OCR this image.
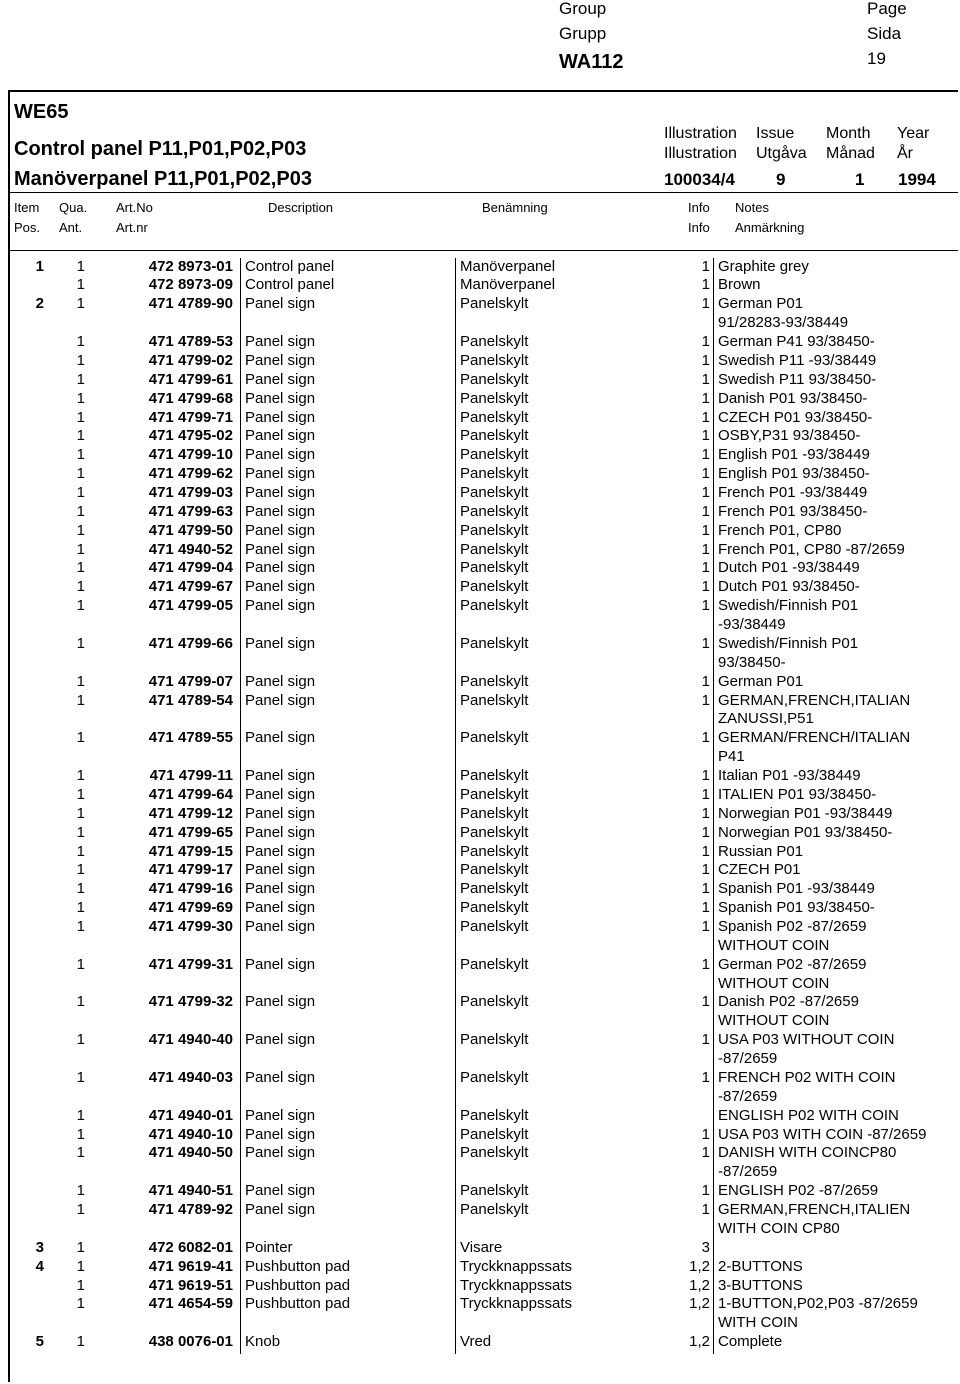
Group
Grupp
WA112
Page
Sida
19
WE65
Control panel P11,P01,P02,P03
Manöverpanel P11,P01,P02,P03
Illustration
Illustration
Issue
Utgåva
Month
Månad
Year
År
100034/4 9	1 1994
Item Qua. Art.No	Description	Benämning	Info Notes
Pos. Ant.	Art.nr	Info Anmärkning
1	1	472 8973-01 Control panel	Manöverpanel	1 Graphite grey
1	472 8973-09 Control panel	Manöverpanel	1 Brown
2	1	471 4789-90 Panel sign	Panelskylt	1 German P01
91/28283-93/38449
1	471 4789-53 Panel sign	Panelskylt	1 German P41 93/38450-
1	471 4799-02 Panel sign	Panelskylt	1 Swedish P11 -93/38449
1	471 4799-61 Panel sign	Panelskylt	1 Swedish P11 93/38450-
1	471 4799-68 Panel sign	Panelskylt	1 Danish P01 93/38450-
1	471 4799-71 Panel sign	Panelskylt	1 CZECH P01 93/38450-
1	471 4795-02 Panel sign	Panelskylt	1 OSBY,P31 93/38450-
1	471 4799-10 Panel sign	Panelskylt	1 English P01 -93/38449
1	471 4799-62 Panel sign	Panelskylt	1 English P01 93/38450-
1	471 4799-03 Panel sign	Panelskylt	1 French P01 -93/38449
1	471 4799-63 Panel sign	Panelskylt	1 French P01 93/38450-
1	471 4799-50 Panel sign	Panelskylt	1 French P01, CP80
1	471 4940-52 Panel sign	Panelskylt	1 French P01, CP80 -87/2659
1	471 4799-04 Panel sign	Panelskylt	1 Dutch P01 -93/38449
1	471 4799-67 Panel sign	Panelskylt	1 Dutch P01 93/38450-
1	471 4799-05 Panel sign	Panelskylt	1 Swedish/Finnish P01
-93/38449
1	471 4799-66 Panel sign	Panelskylt	1 Swedish/Finnish P01
93/38450-
1	471 4799-07 Panel sign	Panelskylt	1 German P01
1	471 4789-54 Panel sign	Panelskylt	1 GERMAN,FRENCH,ITALIAN
ZANUSSI,P51
1	471 4789-55 Panel sign	Panelskylt	1 GERMAN/FRENCH/ITALIAN
P41
1	471 4799-11 Panel sign	Panelskylt	1 Italian P01 -93/38449
1	471 4799-64 Panel sign	Panelskylt	1 ITALIEN P01 93/38450-
1	471 4799-12 Panel sign	Panelskylt	1 Norwegian P01 -93/38449
1	471 4799-65 Panel sign	Panelskylt	1 Norwegian P01 93/38450-
1	471 4799-15 Panel sign	Panelskylt	1 Russian P01
1	471 4799-17 Panel sign	Panelskylt	1 CZECH P01
1	471 4799-16 Panel sign	Panelskylt	1 Spanish P01 -93/38449
1	471 4799-69 Panel sign	Panelskylt	1 Spanish P01 93/38450-
1	471 4799-30 Panel sign	Panelskylt	1 Spanish P02 -87/2659
WITHOUT COIN
1	471 4799-31 Panel sign	Panelskylt	1 German P02 -87/2659
WITHOUT COIN
1	471 4799-32 Panel sign	Panelskylt	1 Danish P02 -87/2659
WITHOUT COIN
1	471 4940-40 Panel sign	Panelskylt	1 USA P03 WITHOUT COIN
-87/2659
1	471 4940-03 Panel sign	Panelskylt	1 FRENCH P02 WITH COIN
-87/2659
1	471 4940-01 Panel sign	Panelskylt	ENGLISH P02 WITH COIN
1	471 4940-10 Panel sign	Panelskylt	1 USA P03 WITH COIN -87/2659
1	471 4940-50 Panel sign	Panelskylt	1 DANISH WITH COINCP80
-87/2659
1	471 4940-51 Panel sign	Panelskylt	1 ENGLISH P02 -87/2659
1	471 4789-92 Panel sign	Panelskylt	1 GERMAN,FRENCH,ITALIEN
WITH COIN CP80
3	1	472 6082-01 Pointer	Visare	3
4	1	471 9619-41 Pushbutton pad	Tryckknappssats	1,2 2-BUTTONS
1	471 9619-51 Pushbutton pad	Tryckknappssats	1,2 3-BUTTONS
1	471 4654-59 Pushbutton pad	Tryckknappssats	1,2 1-BUTTON,P02,P03 -87/2659
WITH COIN
5	1	438 0076-01 Knob	Vred	1,2 Complete
